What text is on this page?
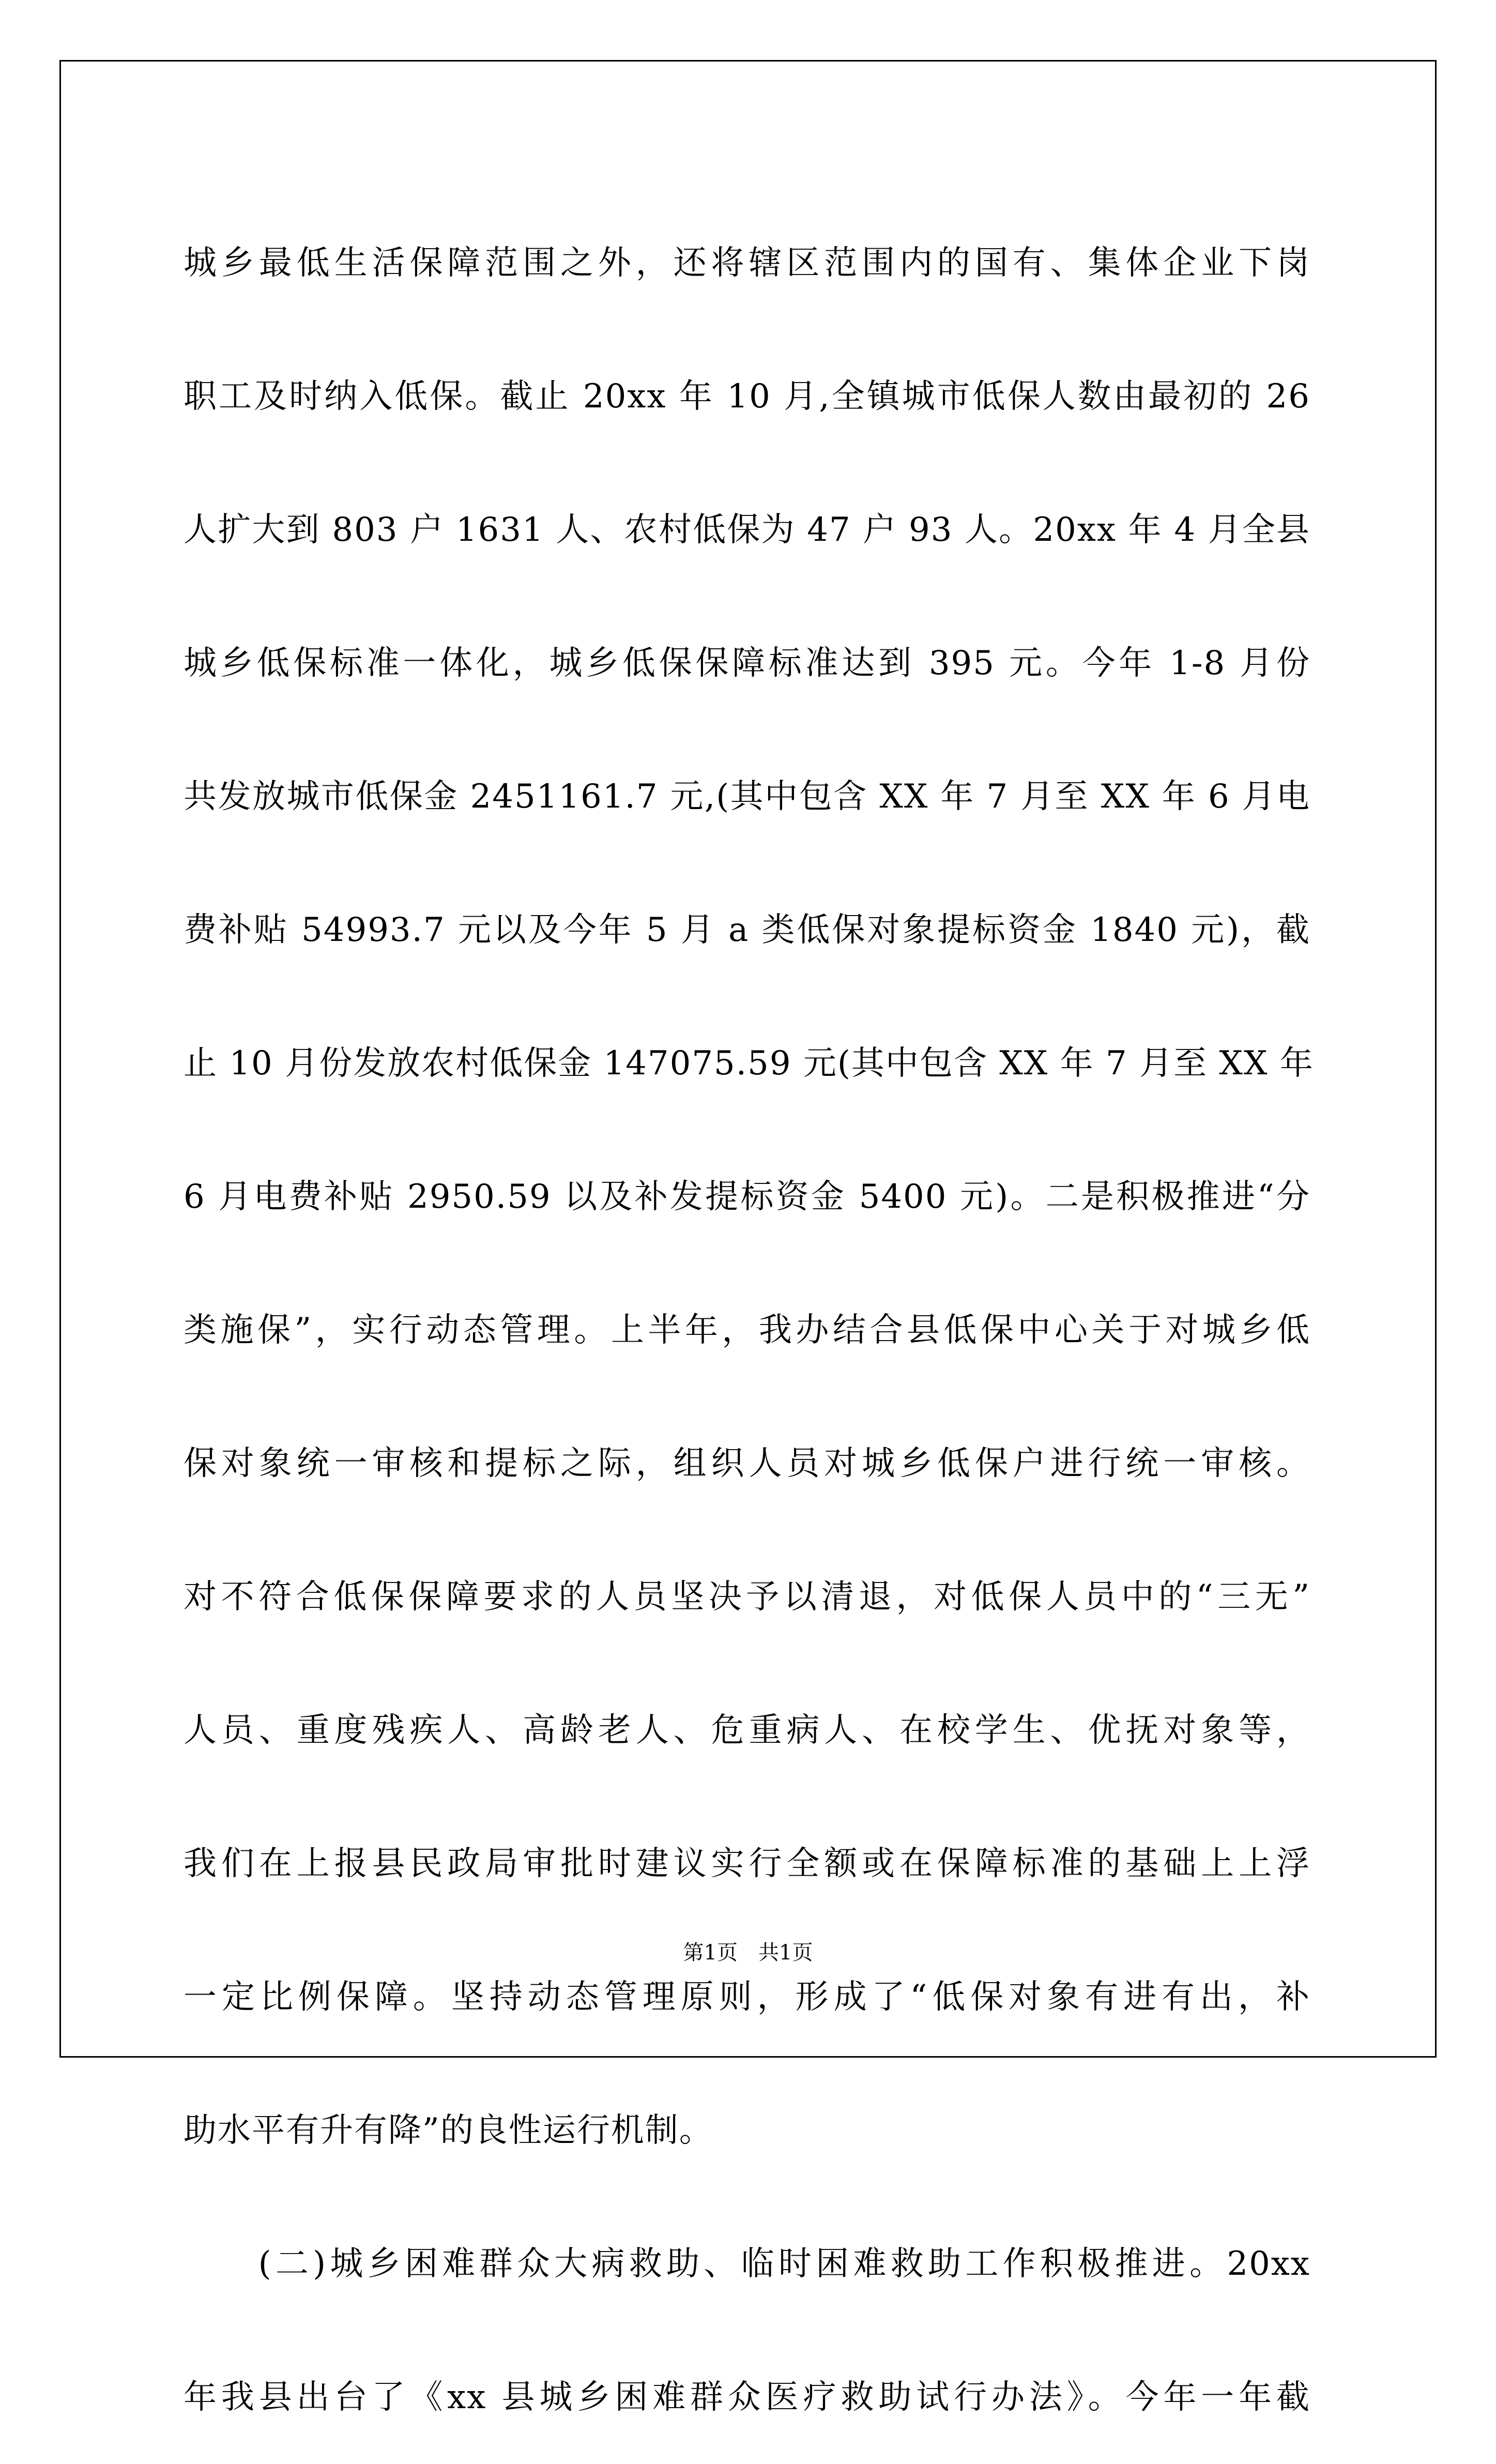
城乡最低生活保障范围之外，还将辖区范围内的国有、集体企业下岗
职工及时纳入低保。截止 20xx 年 10 月,全镇城市低保人数由最初的 26
人扩大到 803 户 1631 人、农村低保为 47 户 93 人。20xx 年 4 月全县
城乡低保标准一体化，城乡低保保障标准达到 395 元。今年 1-8 月份
共发放城市低保金 2451161.7 元,(其中包含 XX 年 7 月至 XX 年 6 月电
费补贴 54993.7 元以及今年 5 月 a 类低保对象提标资金 1840 元)，截
止 10 月份发放农村低保金 147075.59 元(其中包含 XX 年 7 月至 XX 年
6 月电费补贴 2950.59 以及补发提标资金 5400 元)。二是积极推进“分
类施保”，实行动态管理。上半年，我办结合县低保中心关于对城乡低
保对象统一审核和提标之际，组织人员对城乡低保户进行统一审核。
对不符合低保保障要求的人员坚决予以清退，对低保人员中的“三无”
人员、重度残疾人、高龄老人、危重病人、在校学生、优抚对象等，
我们在上报县民政局审批时建议实行全额或在保障标准的基础上上浮
一定比例保障。坚持动态管理原则，形成了“低保对象有进有出，补
助水平有升有降”的良性运行机制。
　　(二)城乡困难群众大病救助、临时困难救助工作积极推进。20xx
年我县出台了《xx 县城乡困难群众医疗救助试行办法》。今年一年截
第1页 共1页
